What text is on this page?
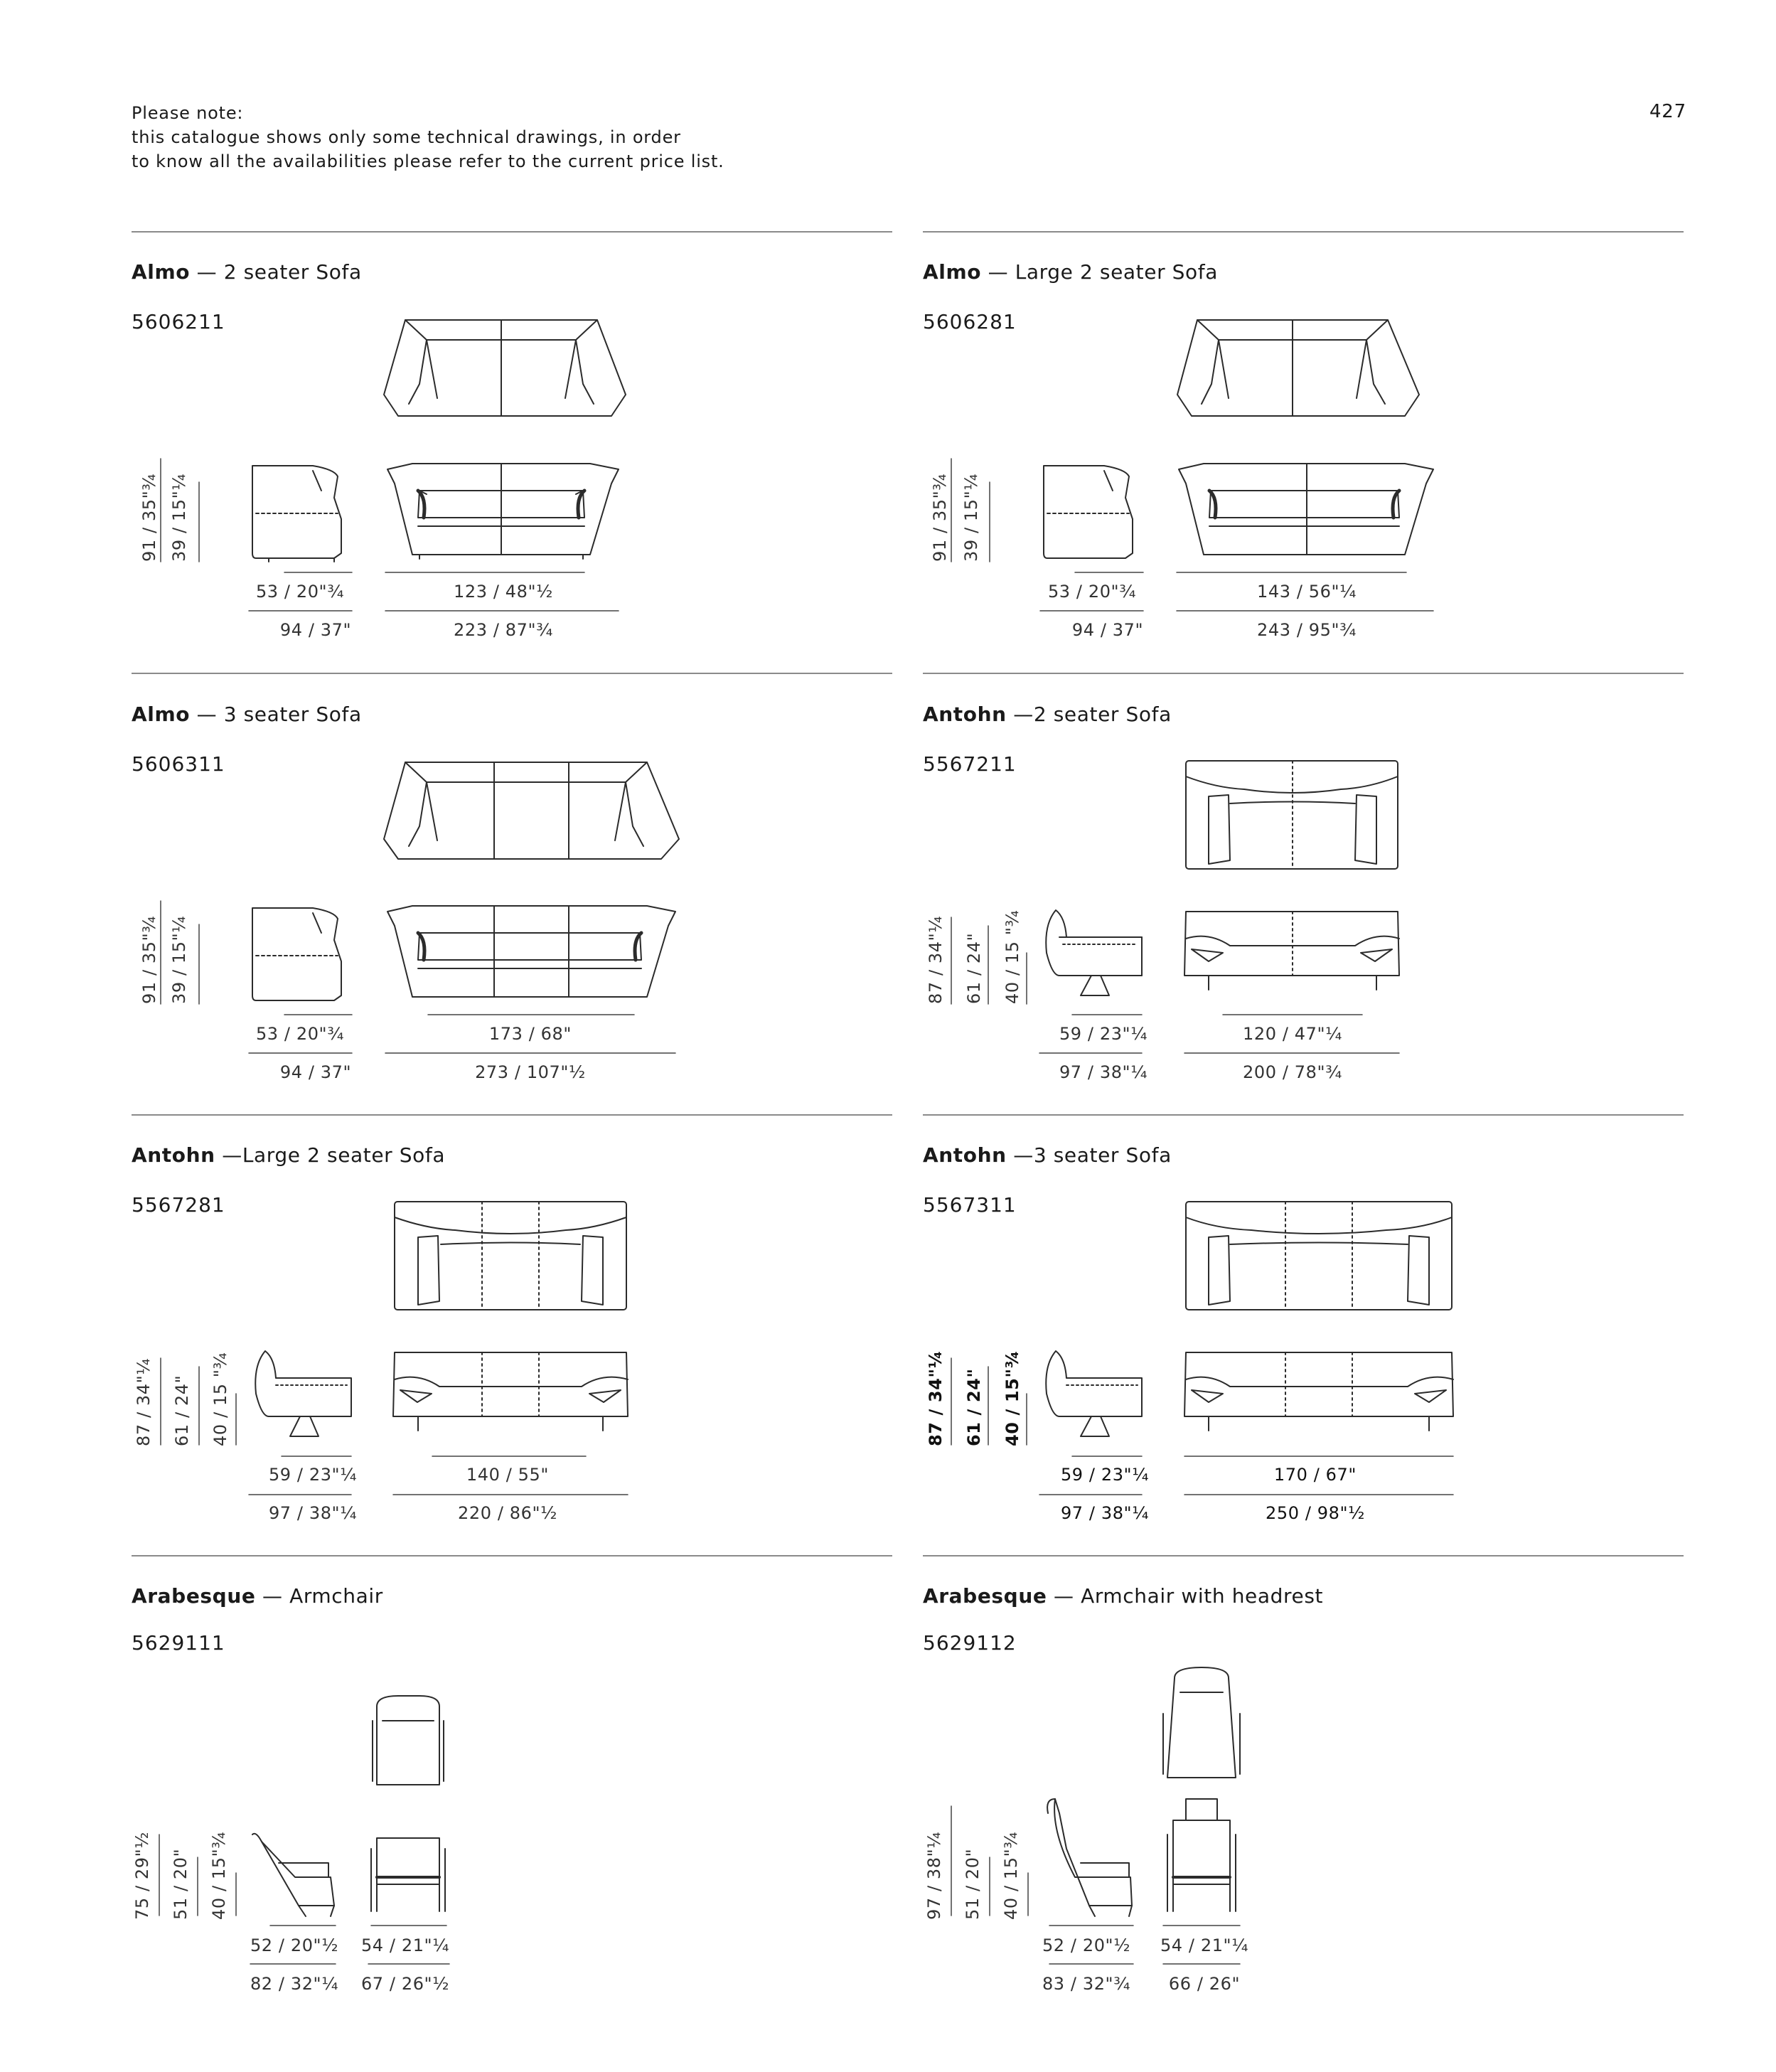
Please note:
this catalogue shows only some technical drawings, in order
to know all the availabilities please refer to the current price list.
427
Almo — 2 seater Sofa
5606211
91 / 35"¾ 39 / 15"¼
53 / 20"¾	123 / 48"½
94 / 37"	223 / 87"¾
Almo — Large 2 seater Sofa
5606281
91 / 35"¾ 39 / 15"¼
53 / 20"¾	143 / 56"¼
94 / 37"	243 / 95"¾
Almo — 3 seater Sofa
5606311
91 / 35"¾ 39 / 15"¼
53 / 20"¾	173 / 68"
94 / 37"	273 / 107"½
Antohn —2 seater Sofa
5567211
87 / 34"¼ 61 / 24" 40 / 15 "¾
59 / 23"¼	120 / 47"¼
97 / 38"¼	200 / 78"¾
Antohn —Large 2 seater Sofa
5567281
87 / 34"¼ 61 / 24" 40 / 15 "¾
59 / 23"¼	140 / 55"
97 / 38"¼	220 / 86"½
Antohn —3 seater Sofa
5567311
87 / 34"¼ 61 / 24" 40 / 15"¾
59 / 23"¼	170 / 67"
97 / 38"¼	250 / 98"½
Arabesque — Armchair
5629111
75 / 29"½ 51 / 20" 40 / 15"¾
52 / 20"½ 54 / 21"¼
82 / 32"¼ 67 / 26"½
Arabesque — Armchair with headrest
5629112
97 / 38"¼ 51 / 20" 40 / 15"¾
52 / 20"½ 54 / 21"¼
83 / 32"¾ 66 / 26"
